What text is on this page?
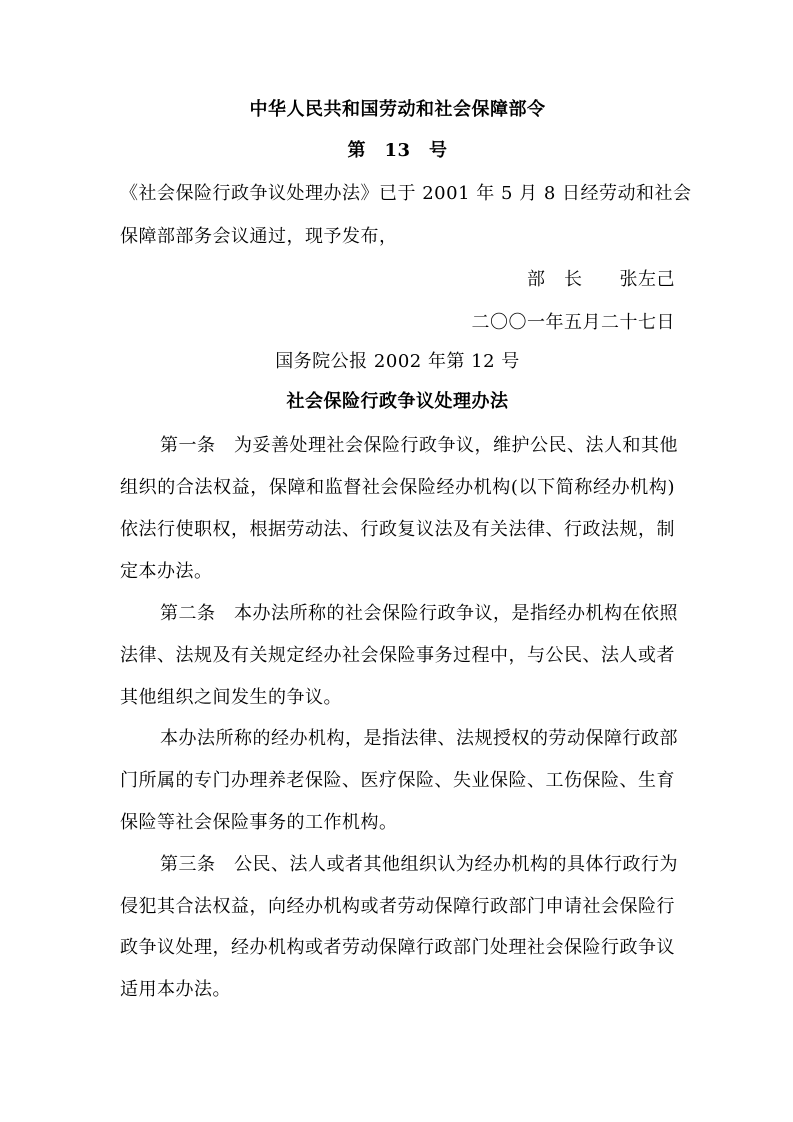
中华人民共和国劳动和社会保障部令
第　13　号
《社会保险行政争议处理办法》已于 2001 年 5 月 8 日经劳动和社会
保障部部务会议通过，现予发布，
部　长　　张左己
二〇〇一年五月二十七日
国务院公报 2002 年第 12 号
社会保险行政争议处理办法
第一条　为妥善处理社会保险行政争议，维护公民、法人和其他
组织的合法权益，保障和监督社会保险经办机构(以下简称经办机构)
依法行使职权，根据劳动法、行政复议法及有关法律、行政法规，制
定本办法。
第二条　本办法所称的社会保险行政争议，是指经办机构在依照
法律、法规及有关规定经办社会保险事务过程中，与公民、法人或者
其他组织之间发生的争议。
本办法所称的经办机构，是指法律、法规授权的劳动保障行政部
门所属的专门办理养老保险、医疗保险、失业保险、工伤保险、生育
保险等社会保险事务的工作机构。
第三条　公民、法人或者其他组织认为经办机构的具体行政行为
侵犯其合法权益，向经办机构或者劳动保障行政部门申请社会保险行
政争议处理，经办机构或者劳动保障行政部门处理社会保险行政争议
适用本办法。
